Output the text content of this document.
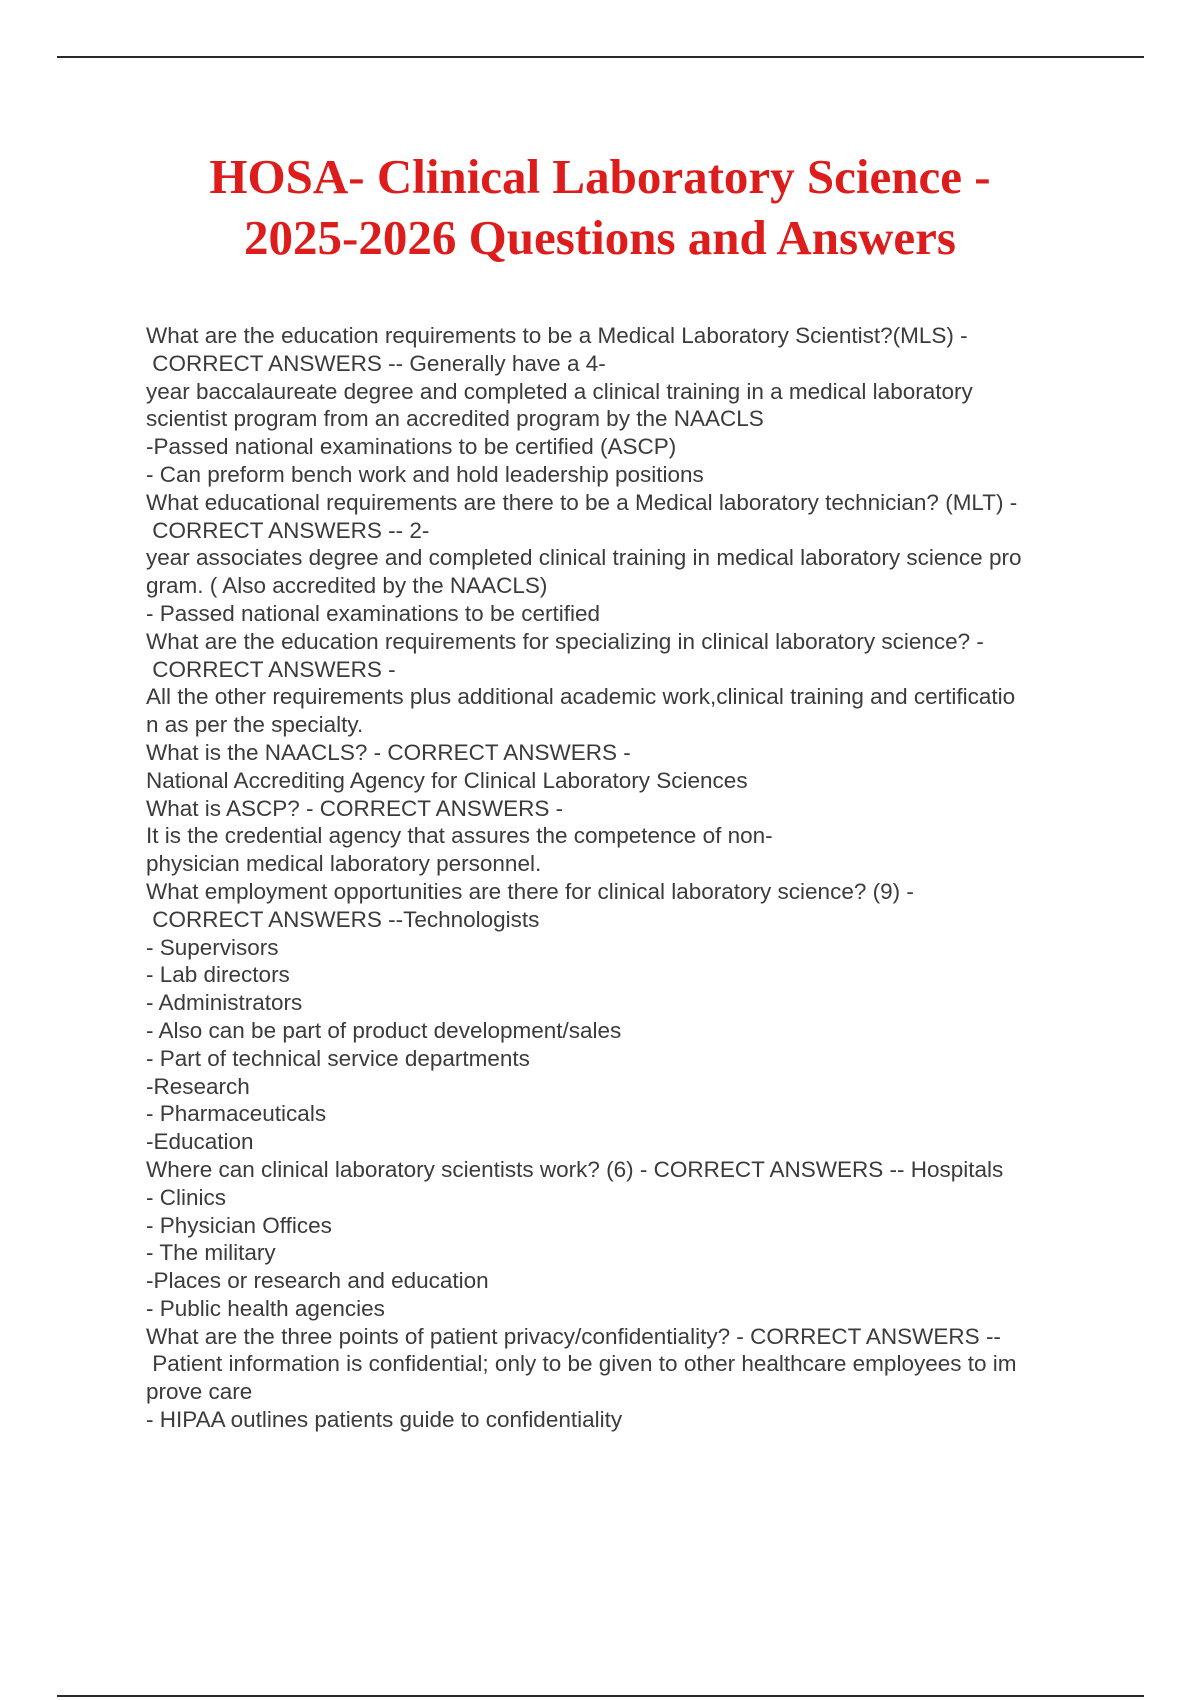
HOSA- Clinical Laboratory Science -
2025-2026 Questions and Answers
What are the education requirements to be a Medical Laboratory Scientist?(MLS) -
CORRECT ANSWERS -- Generally have a 4-
year baccalaureate degree and completed a clinical training in a medical laboratory
scientist program from an accredited program by the NAACLS
-Passed national examinations to be certified (ASCP)
- Can preform bench work and hold leadership positions
What educational requirements are there to be a Medical laboratory technician? (MLT) -
CORRECT ANSWERS -- 2-
year associates degree and completed clinical training in medical laboratory science pro
gram. ( Also accredited by the NAACLS)
- Passed national examinations to be certified
What are the education requirements for specializing in clinical laboratory science? -
CORRECT ANSWERS -
All the other requirements plus additional academic work,clinical training and certificatio
n as per the specialty.
What is the NAACLS? - CORRECT ANSWERS -
National Accrediting Agency for Clinical Laboratory Sciences
What is ASCP? - CORRECT ANSWERS -
It is the credential agency that assures the competence of non-
physician medical laboratory personnel.
What employment opportunities are there for clinical laboratory science? (9) -
CORRECT ANSWERS --Technologists
- Supervisors
- Lab directors
- Administrators
- Also can be part of product development/sales
- Part of technical service departments
-Research
- Pharmaceuticals
-Education
Where can clinical laboratory scientists work? (6) - CORRECT ANSWERS -- Hospitals
- Clinics
- Physician Offices
- The military
-Places or research and education
- Public health agencies
What are the three points of patient privacy/confidentiality? - CORRECT ANSWERS --
Patient information is confidential; only to be given to other healthcare employees to im
prove care
- HIPAA outlines patients guide to confidentiality
